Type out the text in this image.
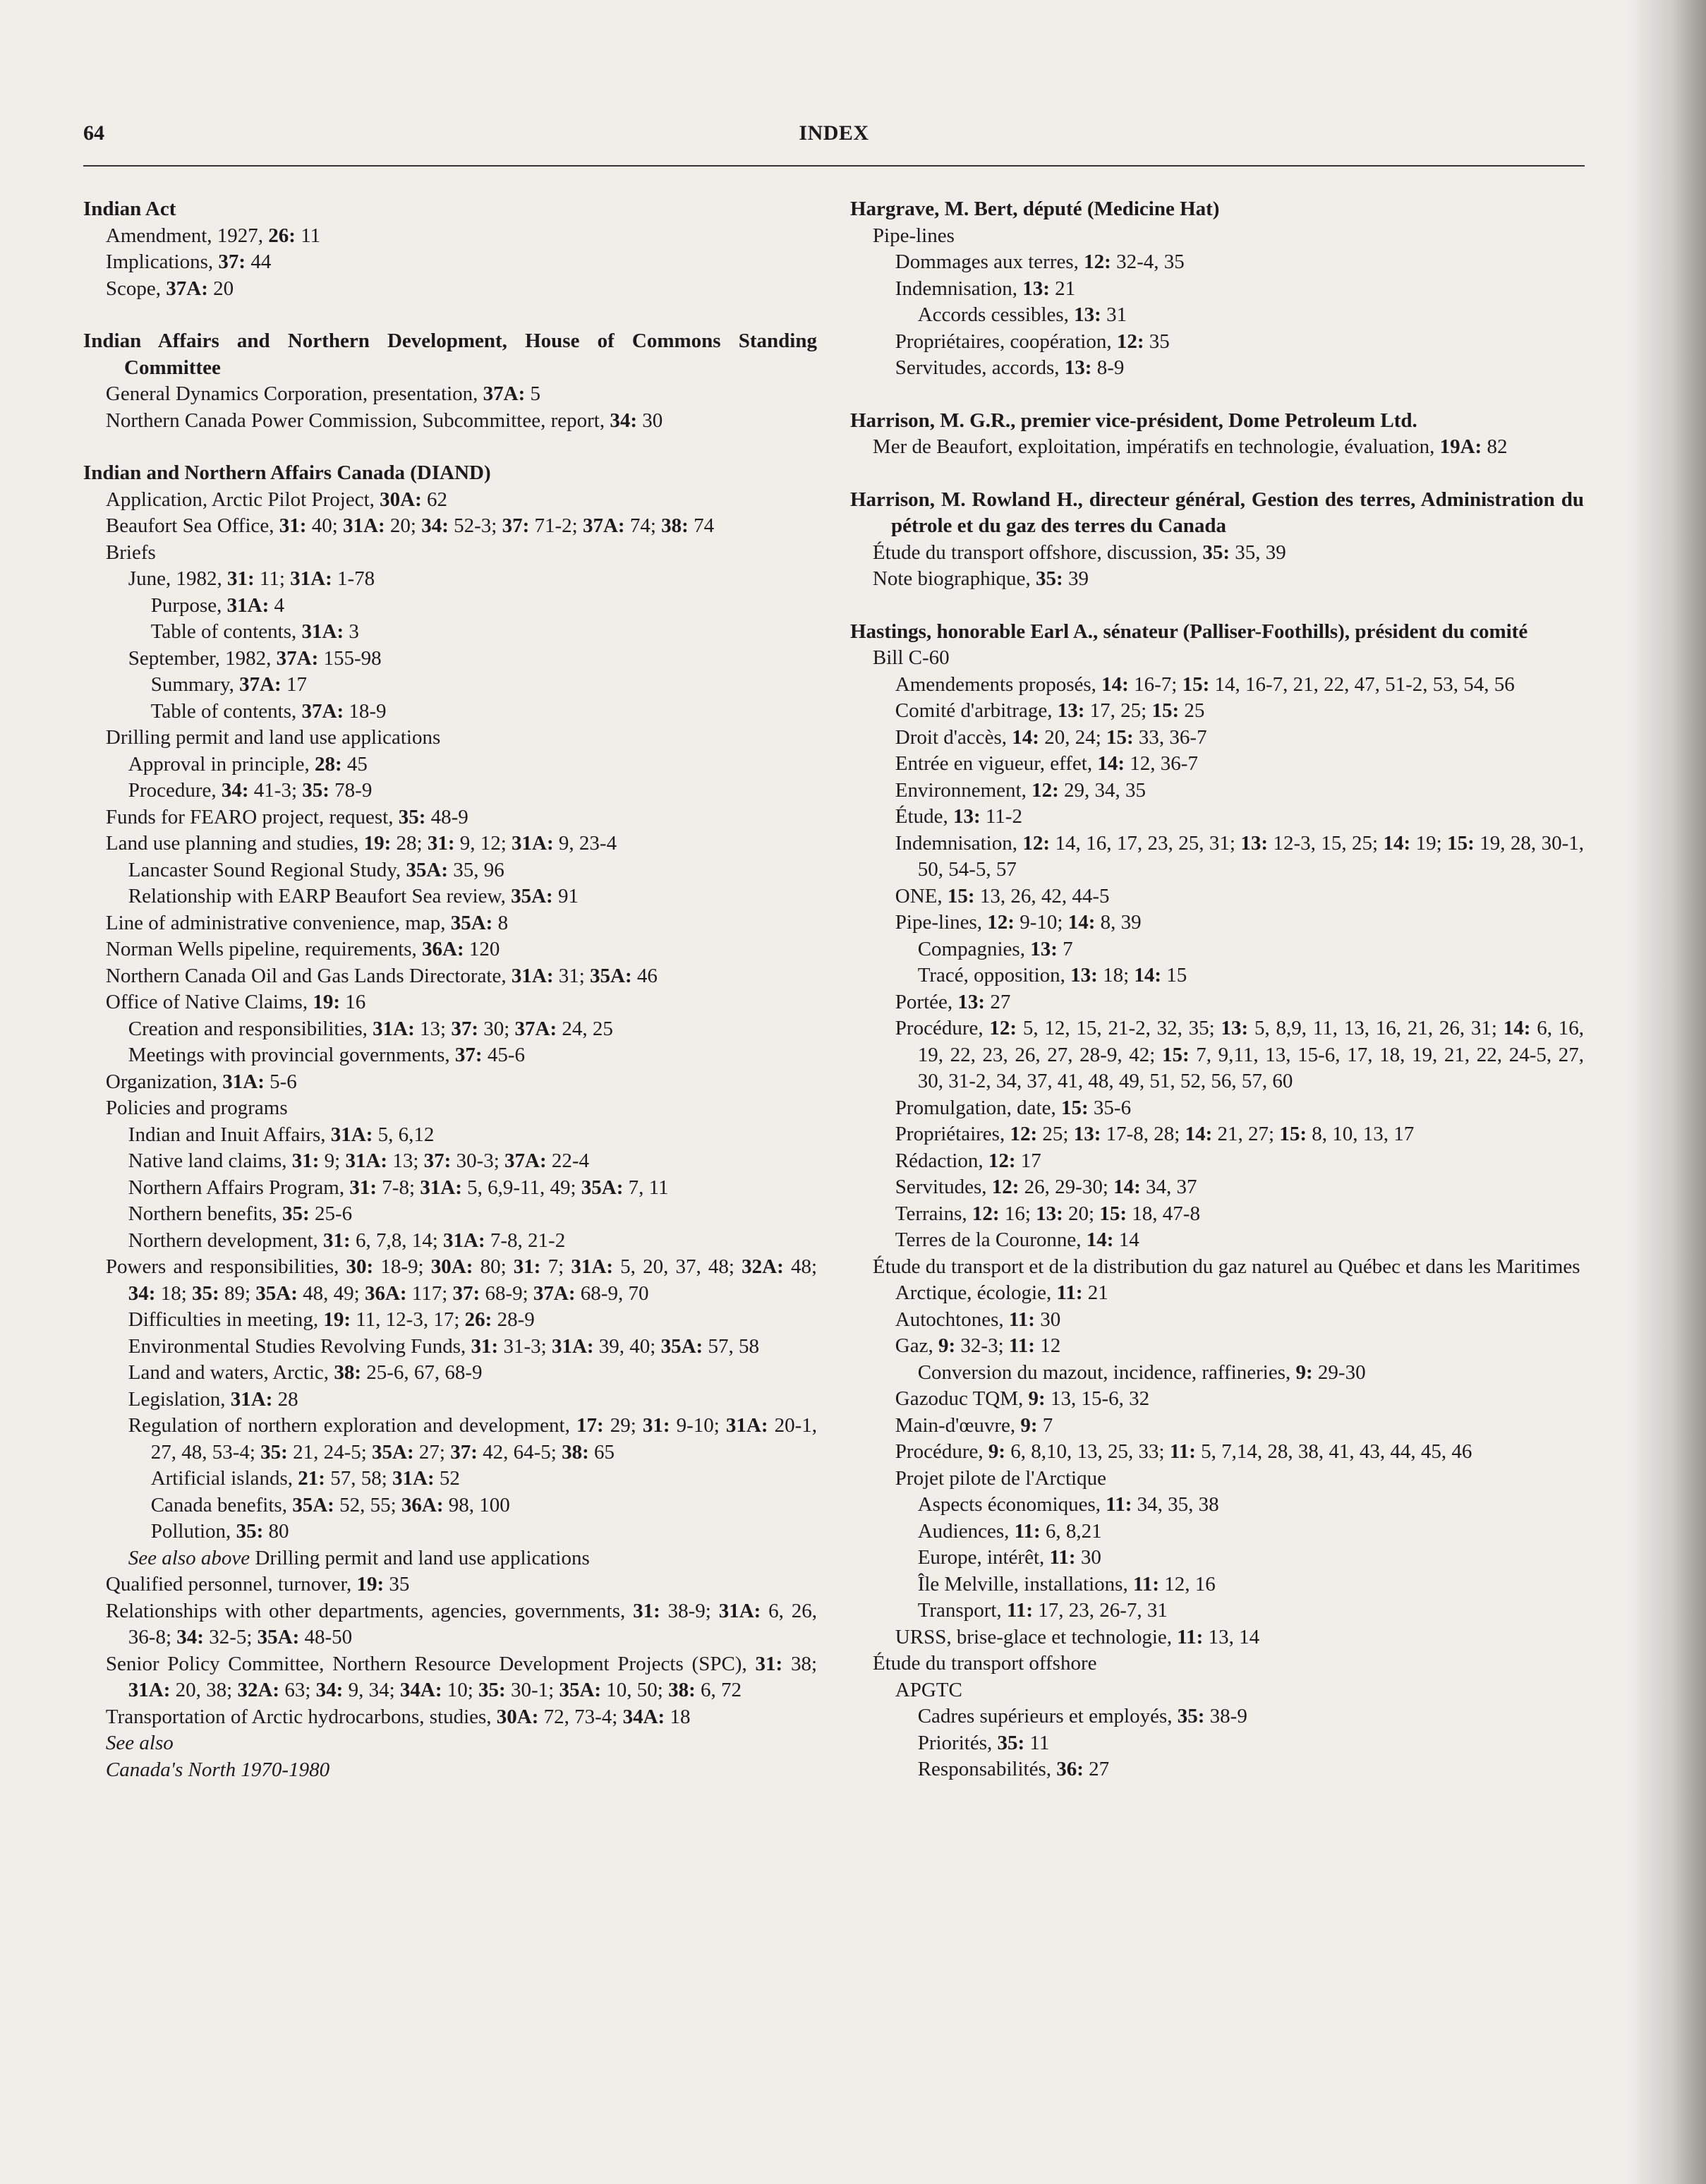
INDEX
64
Indian Act
Amendment, 1927, 26: 11
Implications, 37: 44
Scope, 37A: 20
Indian Affairs and Northern Development, House of Commons Standing Committee
General Dynamics Corporation, presentation, 37A: 5
Northern Canada Power Commission, Subcommittee, report, 34: 30
Indian and Northern Affairs Canada (DIAND)
Application, Arctic Pilot Project, 30A: 62
Beaufort Sea Office, 31: 40; 31A: 20; 34: 52-3; 37: 71-2; 37A: 74; 38: 74
Briefs
June, 1982, 31: 11; 31A: 1-78
Purpose, 31A: 4
Table of contents, 31A: 3
September, 1982, 37A: 155-98
Summary, 37A: 17
Table of contents, 37A: 18-9
Drilling permit and land use applications
Approval in principle, 28: 45
Procedure, 34: 41-3; 35: 78-9
Funds for FEARO project, request, 35: 48-9
Land use planning and studies, 19: 28; 31: 9, 12; 31A: 9, 23-4
Lancaster Sound Regional Study, 35A: 35, 96
Relationship with EARP Beaufort Sea review, 35A: 91
Line of administrative convenience, map, 35A: 8
Norman Wells pipeline, requirements, 36A: 120
Northern Canada Oil and Gas Lands Directorate, 31A: 31; 35A: 46
Office of Native Claims, 19: 16
Creation and responsibilities, 31A: 13; 37: 30; 37A: 24, 25
Meetings with provincial governments, 37: 45-6
Organization, 31A: 5-6
Policies and programs
Indian and Inuit Affairs, 31A: 5, 6,12
Native land claims, 31: 9; 31A: 13; 37: 30-3; 37A: 22-4
Northern Affairs Program, 31: 7-8; 31A: 5, 6,9-11, 49; 35A: 7, 11
Northern benefits, 35: 25-6
Northern development, 31: 6, 7,8, 14; 31A: 7-8, 21-2
Powers and responsibilities, 30: 18-9; 30A: 80; 31: 7; 31A: 5, 20, 37, 48; 32A: 48; 34: 18; 35: 89; 35A: 48, 49; 36A: 117; 37: 68-9; 37A: 68-9, 70
Difficulties in meeting, 19: 11, 12-3, 17; 26: 28-9
Environmental Studies Revolving Funds, 31: 31-3; 31A: 39, 40; 35A: 57, 58
Land and waters, Arctic, 38: 25-6, 67, 68-9
Legislation, 31A: 28
Regulation of northern exploration and development, 17: 29; 31: 9-10; 31A: 20-1, 27, 48, 53-4; 35: 21, 24-5; 35A: 27; 37: 42, 64-5; 38: 65
Artificial islands, 21: 57, 58; 31A: 52
Canada benefits, 35A: 52, 55; 36A: 98, 100
Pollution, 35: 80
See also above Drilling permit and land use applications
Qualified personnel, turnover, 19: 35
Relationships with other departments, agencies, governments, 31: 38-9; 31A: 6, 26, 36-8; 34: 32-5; 35A: 48-50
Senior Policy Committee, Northern Resource Development Projects (SPC), 31: 38; 31A: 20, 38; 32A: 63; 34: 9, 34; 34A: 10; 35: 30-1; 35A: 10, 50; 38: 6, 72
Transportation of Arctic hydrocarbons, studies, 30A: 72, 73-4; 34A: 18
See also
Canada's North 1970-1980
Hargrave, M. Bert, député (Medicine Hat)
Pipe-lines
Dommages aux terres, 12: 32-4, 35
Indemnisation, 13: 21
Accords cessibles, 13: 31
Propriétaires, coopération, 12: 35
Servitudes, accords, 13: 8-9
Harrison, M. G.R., premier vice-président, Dome Petroleum Ltd.
Mer de Beaufort, exploitation, impératifs en technologie, évaluation, 19A: 82
Harrison, M. Rowland H., directeur général, Gestion des terres, Administration du pétrole et du gaz des terres du Canada
Étude du transport offshore, discussion, 35: 35, 39
Note biographique, 35: 39
Hastings, honorable Earl A., sénateur (Palliser-Foothills), président du comité
Bill C-60
Amendements proposés, 14: 16-7; 15: 14, 16-7, 21, 22, 47, 51-2, 53, 54, 56
Comité d'arbitrage, 13: 17, 25; 15: 25
Droit d'accès, 14: 20, 24; 15: 33, 36-7
Entrée en vigueur, effet, 14: 12, 36-7
Environnement, 12: 29, 34, 35
Étude, 13: 11-2
Indemnisation, 12: 14, 16, 17, 23, 25, 31; 13: 12-3, 15, 25; 14: 19; 15: 19, 28, 30-1, 50, 54-5, 57
ONE, 15: 13, 26, 42, 44-5
Pipe-lines, 12: 9-10; 14: 8, 39
Compagnies, 13: 7
Tracé, opposition, 13: 18; 14: 15
Portée, 13: 27
Procédure, 12: 5, 12, 15, 21-2, 32, 35; 13: 5, 8,9, 11, 13, 16, 21, 26, 31; 14: 6, 16, 19, 22, 23, 26, 27, 28-9, 42; 15: 7, 9,11, 13, 15-6, 17, 18, 19, 21, 22, 24-5, 27, 30, 31-2, 34, 37, 41, 48, 49, 51, 52, 56, 57, 60
Promulgation, date, 15: 35-6
Propriétaires, 12: 25; 13: 17-8, 28; 14: 21, 27; 15: 8, 10, 13, 17
Rédaction, 12: 17
Servitudes, 12: 26, 29-30; 14: 34, 37
Terrains, 12: 16; 13: 20; 15: 18, 47-8
Terres de la Couronne, 14: 14
Étude du transport et de la distribution du gaz naturel au Québec et dans les Maritimes
Arctique, écologie, 11: 21
Autochtones, 11: 30
Gaz, 9: 32-3; 11: 12
Conversion du mazout, incidence, raffineries, 9: 29-30
Gazoduc TQM, 9: 13, 15-6, 32
Main-d'œuvre, 9: 7
Procédure, 9: 6, 8,10, 13, 25, 33; 11: 5, 7,14, 28, 38, 41, 43, 44, 45, 46
Projet pilote de l'Arctique
Aspects économiques, 11: 34, 35, 38
Audiences, 11: 6, 8,21
Europe, intérêt, 11: 30
Île Melville, installations, 11: 12, 16
Transport, 11: 17, 23, 26-7, 31
URSS, brise-glace et technologie, 11: 13, 14
Étude du transport offshore
APGTC
Cadres supérieurs et employés, 35: 38-9
Priorités, 35: 11
Responsabilités, 36: 27
